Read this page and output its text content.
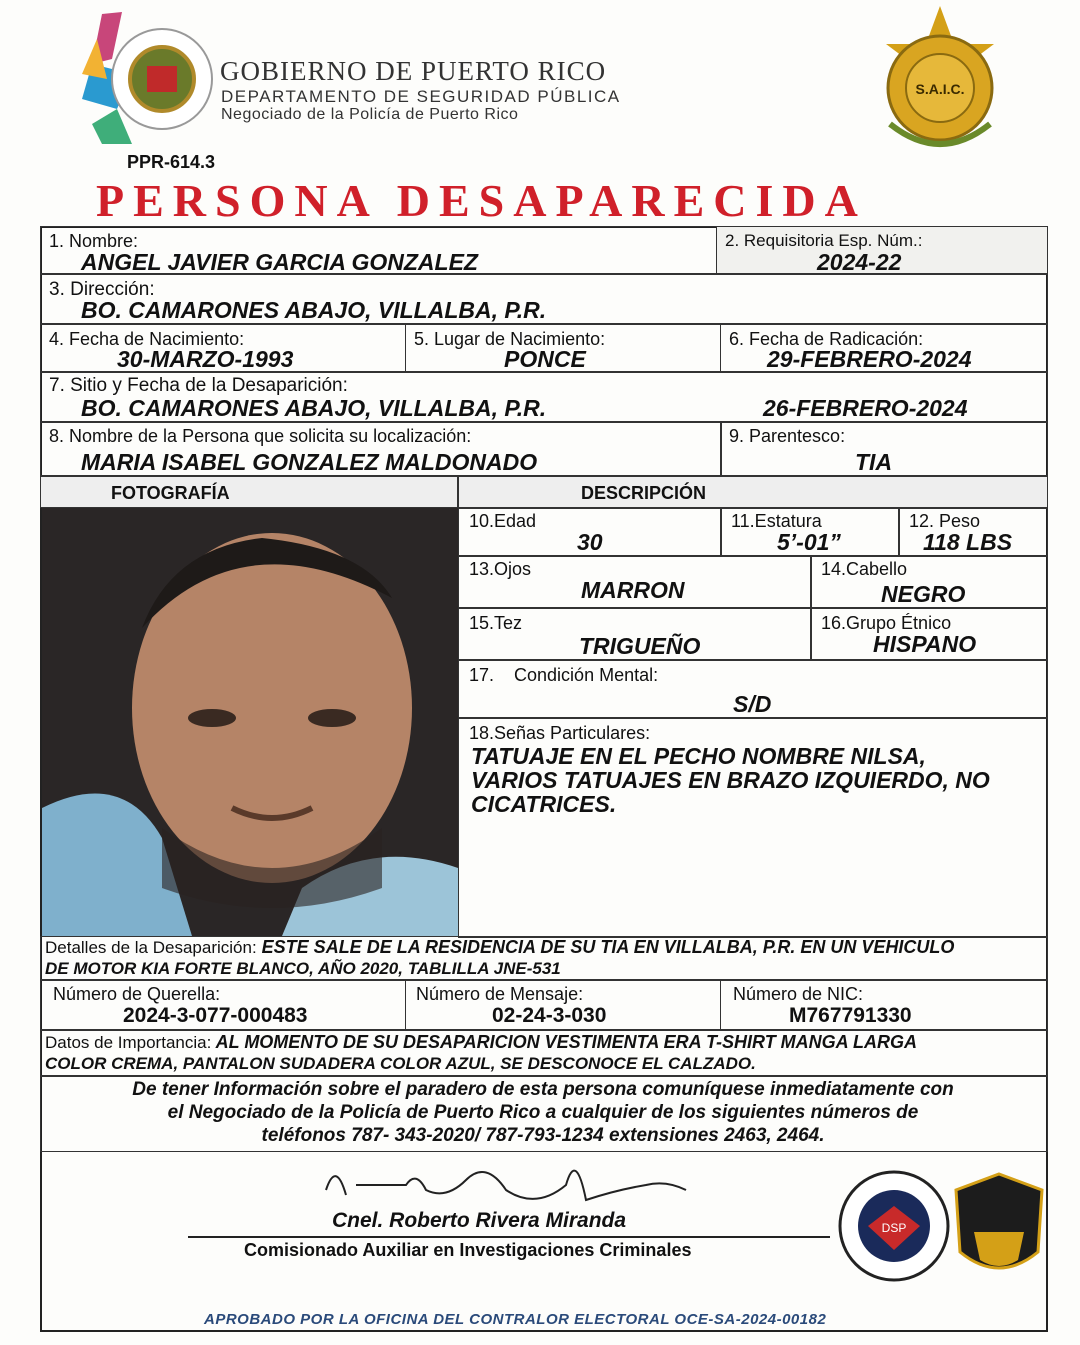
GOBIERNO DE PUERTO RICO
DEPARTAMENTO DE SEGURIDAD PÚBLICA
Negociado de la Policía de Puerto Rico
PPR-614.3
S.A.I.C.
PERSONA DESAPARECIDA
1. Nombre:
ANGEL JAVIER GARCIA GONZALEZ
2. Requisitoria Esp. Núm.:
2024-22
3. Dirección:
BO. CAMARONES ABAJO, VILLALBA, P.R.
4. Fecha de Nacimiento:
30-MARZO-1993
5. Lugar de Nacimiento:
PONCE
6. Fecha de Radicación:
29-FEBRERO-2024
7. Sitio y Fecha de la Desaparición:
BO. CAMARONES ABAJO, VILLALBA, P.R.	26-FEBRERO-2024
8. Nombre de la Persona que solicita su localización:
MARIA ISABEL GONZALEZ MALDONADO
9. Parentesco:
TIA
FOTOGRAFÍA	DESCRIPCIÓN
10.Edad
30
11.Estatura
5’-01”
12. Peso
118 LBS
13.Ojos
MARRON
14.Cabello
NEGRO
15.Tez
TRIGUEÑO
16.Grupo Étnico
HISPANO
17.    Condición Mental:
S/D
18.Señas Particulares:
TATUAJE EN EL PECHO NOMBRE NILSA,
VARIOS TATUAJES EN BRAZO IZQUIERDO, NO
CICATRICES.
Detalles de la Desaparición: ESTE SALE DE LA RESIDENCIA DE SU TIA EN VILLALBA, P.R. EN UN VEHICULO
DE MOTOR KIA FORTE BLANCO, AÑO 2020, TABLILLA JNE-531
Número de Querella:
2024-3-077-000483
Número de Mensaje:
02-24-3-030
Número de NIC:
M767791330
Datos de Importancia: AL MOMENTO DE SU DESAPARICION VESTIMENTA ERA T-SHIRT MANGA LARGA
COLOR CREMA, PANTALON SUDADERA COLOR AZUL, SE DESCONOCE EL CALZADO.
De tener Información sobre el paradero de esta persona comuníquese inmediatamente con
el Negociado de la Policía de Puerto Rico a cualquier de los siguientes números de
teléfonos 787- 343-2020/ 787-793-1234 extensiones 2463, 2464.
Cnel. Roberto Rivera Miranda
Comisionado Auxiliar en Investigaciones Criminales
DSP
APROBADO POR LA OFICINA DEL CONTRALOR ELECTORAL OCE-SA-2024-00182
